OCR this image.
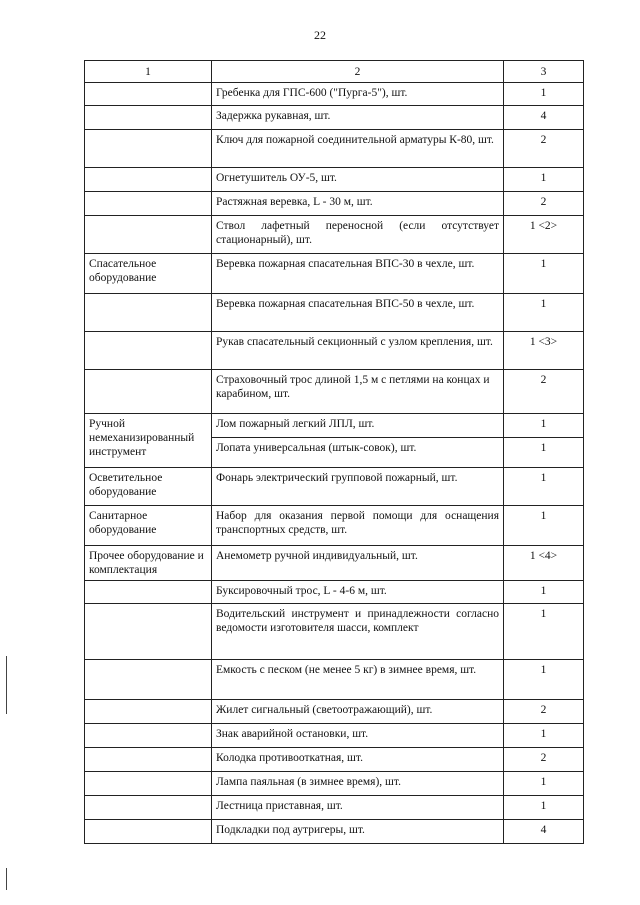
22
1	2	3
	Гребенка для ГПС-600 ("Пурга-5"), шт.	1
	Задержка рукавная, шт.	4
	Ключ для пожарной соединительной арматуры К-80, шт.	2
	Огнетушитель ОУ-5, шт.	1
	Растяжная веревка, L - 30 м, шт.	2
	Ствол лафетный переносной (если отсутствует стационарный), шт.	1 <2>
Спасательное оборудование	Веревка пожарная спасательная ВПС-30 в чехле, шт.	1
	Веревка пожарная спасательная ВПС-50 в чехле, шт.	1
	Рукав спасательный секционный с узлом крепления, шт.	1 <3>
	Страховочный трос длиной 1,5 м с петлями на концах и карабином, шт.	2
Ручной немеханизированный инструмент	Лом пожарный легкий ЛПЛ, шт.	1
	Лопата универсальная (штык-совок), шт.	1
Осветительное оборудование	Фонарь электрический групповой пожарный, шт.	1
Санитарное оборудование	Набор для оказания первой помощи для оснащения транспортных средств, шт.	1
Прочее оборудование и комплектация	Анемометр ручной индивидуальный, шт.	1 <4>
	Буксировочный трос, L - 4-6 м, шт.	1
	Водительский инструмент и принадлежности согласно ведомости изготовителя шасси, комплект	1
	Емкость с песком (не менее 5 кг) в зимнее время, шт.	1
	Жилет сигнальный (светоотражающий), шт.	2
	Знак аварийной остановки, шт.	1
	Колодка противооткатная, шт.	2
	Лампа паяльная (в зимнее время), шт.	1
	Лестница приставная, шт.	1
	Подкладки под аутригеры, шт.	4
